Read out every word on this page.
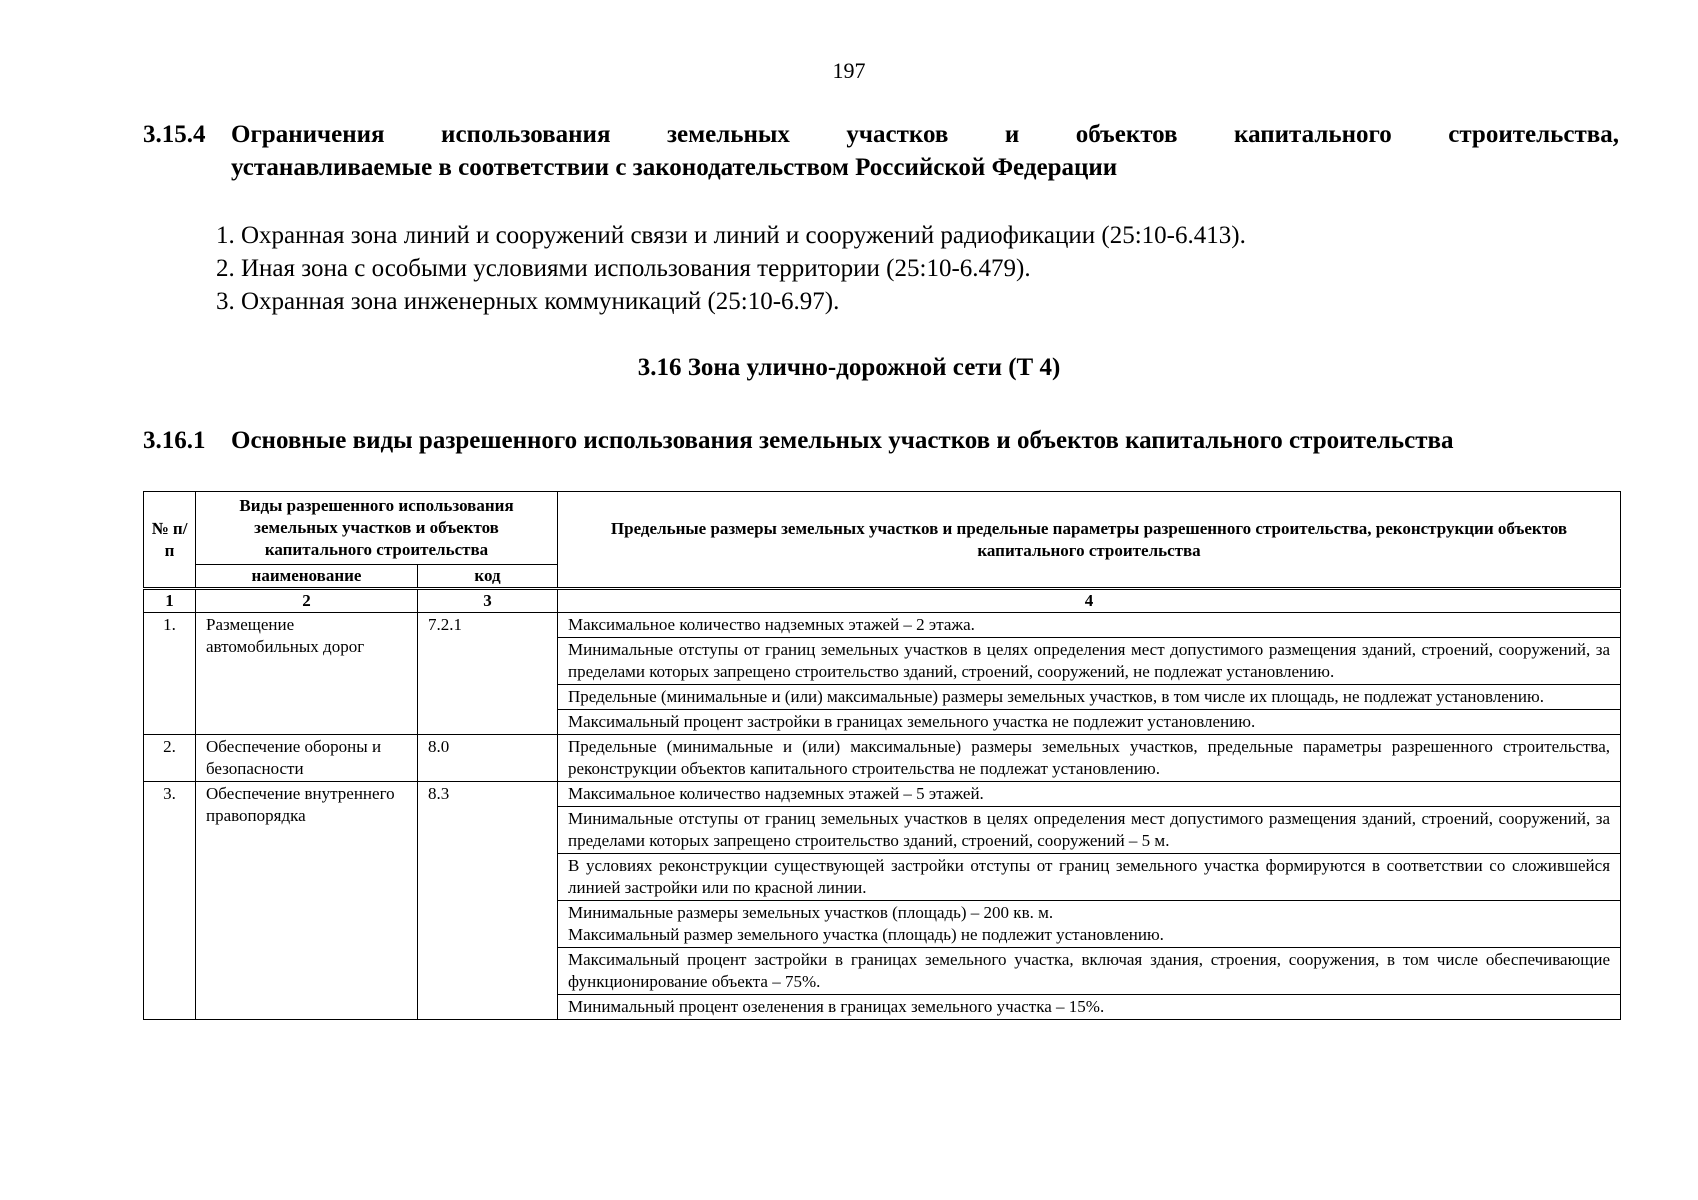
197
3.15.4	Ограничения использования земельных участков и объектов капитального строительства,
устанавливаемые в соответствии с законодательством Российской Федерации
1. Охранная зона линий и сооружений связи и линий и сооружений радиофикации (25:10-6.413).
2. Иная зона с особыми условиями использования территории (25:10-6.479).
3. Охранная зона инженерных коммуникаций (25:10-6.97).
3.16 Зона улично-дорожной сети (Т 4)
3.16.1	Основные виды разрешенного использования земельных участков и объектов капитального строительства
№ п/п	Виды разрешенного использования земельных участков и объектов капитального строительства		Предельные размеры земельных участков и предельные параметры разрешенного строительства, реконструкции объектов капитального строительства
	наименование	код	
1	2	3	4
1.	Размещение автомобильных дорог	7.2.1	Максимальное количество надземных этажей – 2 этажа.
			Минимальные отступы от границ земельных участков в целях определения мест допустимого размещения зданий, строений, сооружений, за пределами которых запрещено строительство зданий, строений, сооружений, не подлежат установлению.
			Предельные (минимальные и (или) максимальные) размеры земельных участков, в том числе их площадь, не подлежат установлению.
			Максимальный процент застройки в границах земельного участка не подлежит установлению.
2.	Обеспечение обороны и безопасности	8.0	Предельные (минимальные и (или) максимальные) размеры земельных участков, предельные параметры разрешенного строительства, реконструкции объектов капитального строительства не подлежат установлению.
3.	Обеспечение внутреннего правопорядка	8.3	Максимальное количество надземных этажей – 5 этажей.
			Минимальные отступы от границ земельных участков в целях определения мест допустимого размещения зданий, строений, сооружений, за пределами которых запрещено строительство зданий, строений, сооружений – 5 м.
			В условиях реконструкции существующей застройки отступы от границ земельного участка формируются в соответствии со сложившейся линией застройки или по красной линии.

			Минимальные размеры земельных участков (площадь) – 200 кв. м.
Максимальный размер земельного участка (площадь) не подлежит установлению.

			Максимальный процент застройки в границах земельного участка, включая здания, строения, сооружения, в том числе обеспечивающие функционирование объекта – 75%.
			Минимальный процент озеленения в границах земельного участка – 15%.
